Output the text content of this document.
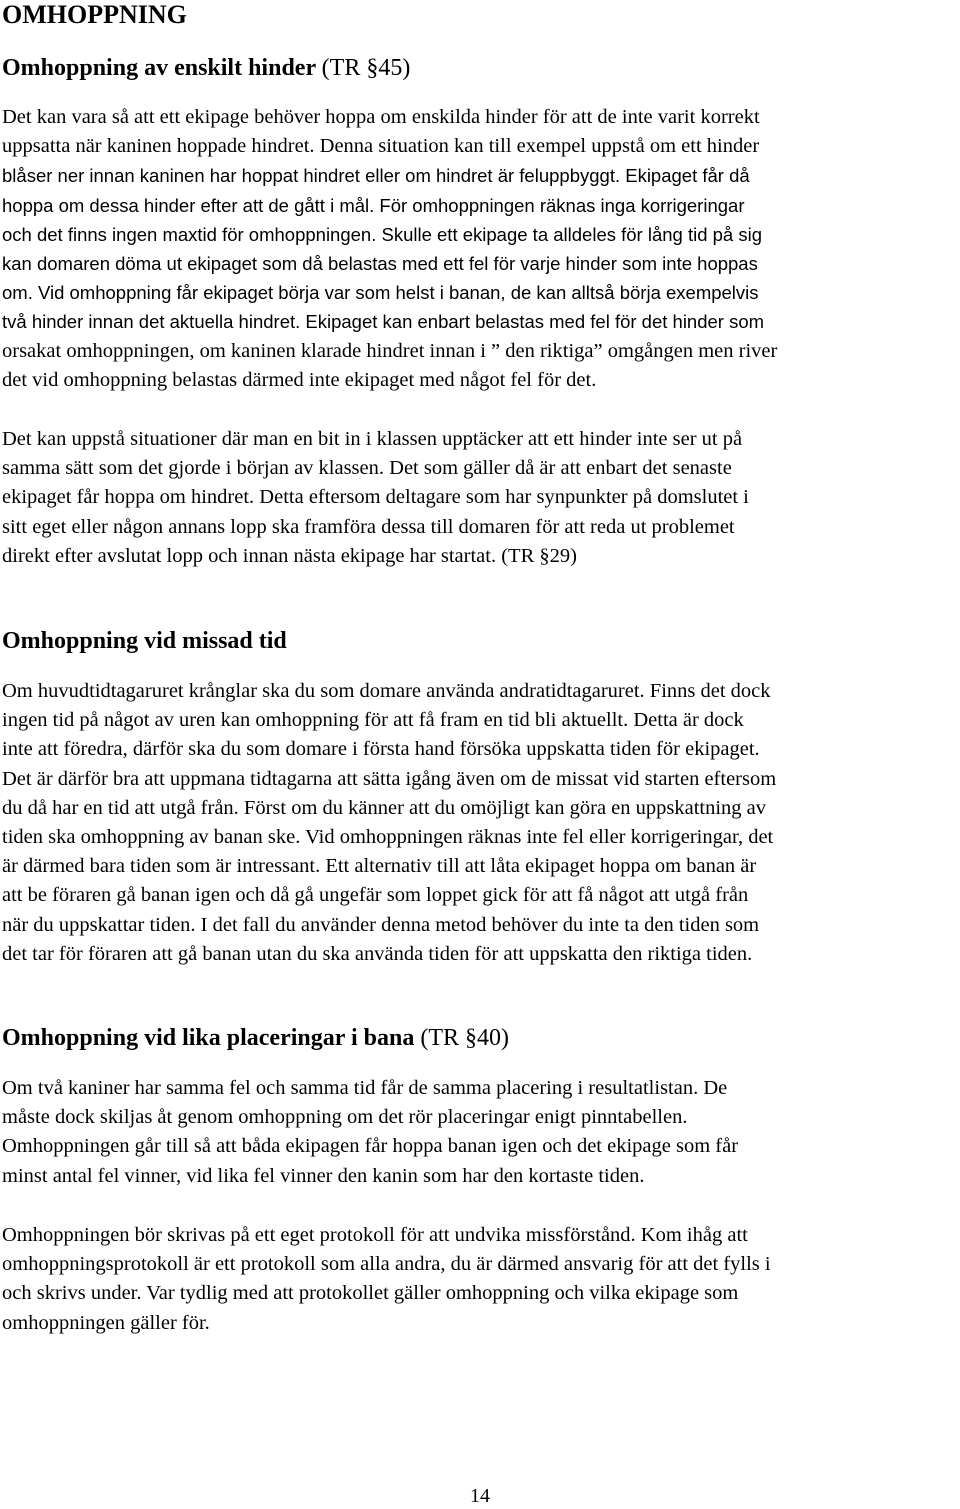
OMHOPPNING
Omhoppning av enskilt hinder (TR §45)

Det kan vara så att ett ekipage behöver hoppa om enskilda hinder för att de inte varit korrekt
uppsatta när kaninen hoppade hindret. Denna situation kan till exempel uppstå om ett hinder
blåser ner innan kaninen har hoppat hindret eller om hindret är feluppbyggt. Ekipaget får då
hoppa om dessa hinder efter att de gått i mål. För omhoppningen räknas inga korrigeringar
och det finns ingen maxtid för omhoppningen. Skulle ett ekipage ta alldeles för lång tid på sig
kan domaren döma ut ekipaget som då belastas med ett fel för varje hinder som inte hoppas
om. Vid omhoppning får ekipaget börja var som helst i banan, de kan alltså börja exempelvis
två hinder innan det aktuella hindret. Ekipaget kan enbart belastas med fel för det hinder som
orsakat omhoppningen, om kaninen klarade hindret innan i ” den riktiga” omgången men river
det vid omhoppning belastas därmed inte ekipaget med något fel för det.

Det kan uppstå situationer där man en bit in i klassen upptäcker att ett hinder inte ser ut på
samma sätt som det gjorde i början av klassen. Det som gäller då är att enbart det senaste
ekipaget får hoppa om hindret. Detta eftersom deltagare som har synpunkter på domslutet i
sitt eget eller någon annans lopp ska framföra dessa till domaren för att reda ut problemet
direkt efter avslutat lopp och innan nästa ekipage har startat. (TR §29)

Omhoppning vid missad tid

Om huvudtidtagaruret krånglar ska du som domare använda andratidtagaruret. Finns det dock
ingen tid på något av uren kan omhoppning för att få fram en tid bli aktuellt. Detta är dock
inte att föredra, därför ska du som domare i första hand försöka uppskatta tiden för ekipaget.
Det är därför bra att uppmana tidtagarna att sätta igång även om de missat vid starten eftersom
du då har en tid att utgå från. Först om du känner att du omöjligt kan göra en uppskattning av
tiden ska omhoppning av banan ske. Vid omhoppningen räknas inte fel eller korrigeringar, det
är därmed bara tiden som är intressant. Ett alternativ till att låta ekipaget hoppa om banan är
att be föraren gå banan igen och då gå ungefär som loppet gick för att få något att utgå från
när du uppskattar tiden. I det fall du använder denna metod behöver du inte ta den tiden som
det tar för föraren att gå banan utan du ska använda tiden för att uppskatta den riktiga tiden.

Omhoppning vid lika placeringar i bana (TR §40)

Om två kaniner har samma fel och samma tid får de samma placering i resultatlistan. De
måste dock skiljas åt genom omhoppning om det rör placeringar enigt pinntabellen.
Omhoppningen går till så att båda ekipagen får hoppa banan igen och det ekipage som får
minst antal fel vinner, vid lika fel vinner den kanin som har den kortaste tiden.

Omhoppningen bör skrivas på ett eget protokoll för att undvika missförstånd. Kom ihåg att
omhoppningsprotokoll är ett protokoll som alla andra, du är därmed ansvarig för att det fylls i
och skrivs under. Var tydlig med att protokollet gäller omhoppning och vilka ekipage som
omhoppningen gäller för.

14
